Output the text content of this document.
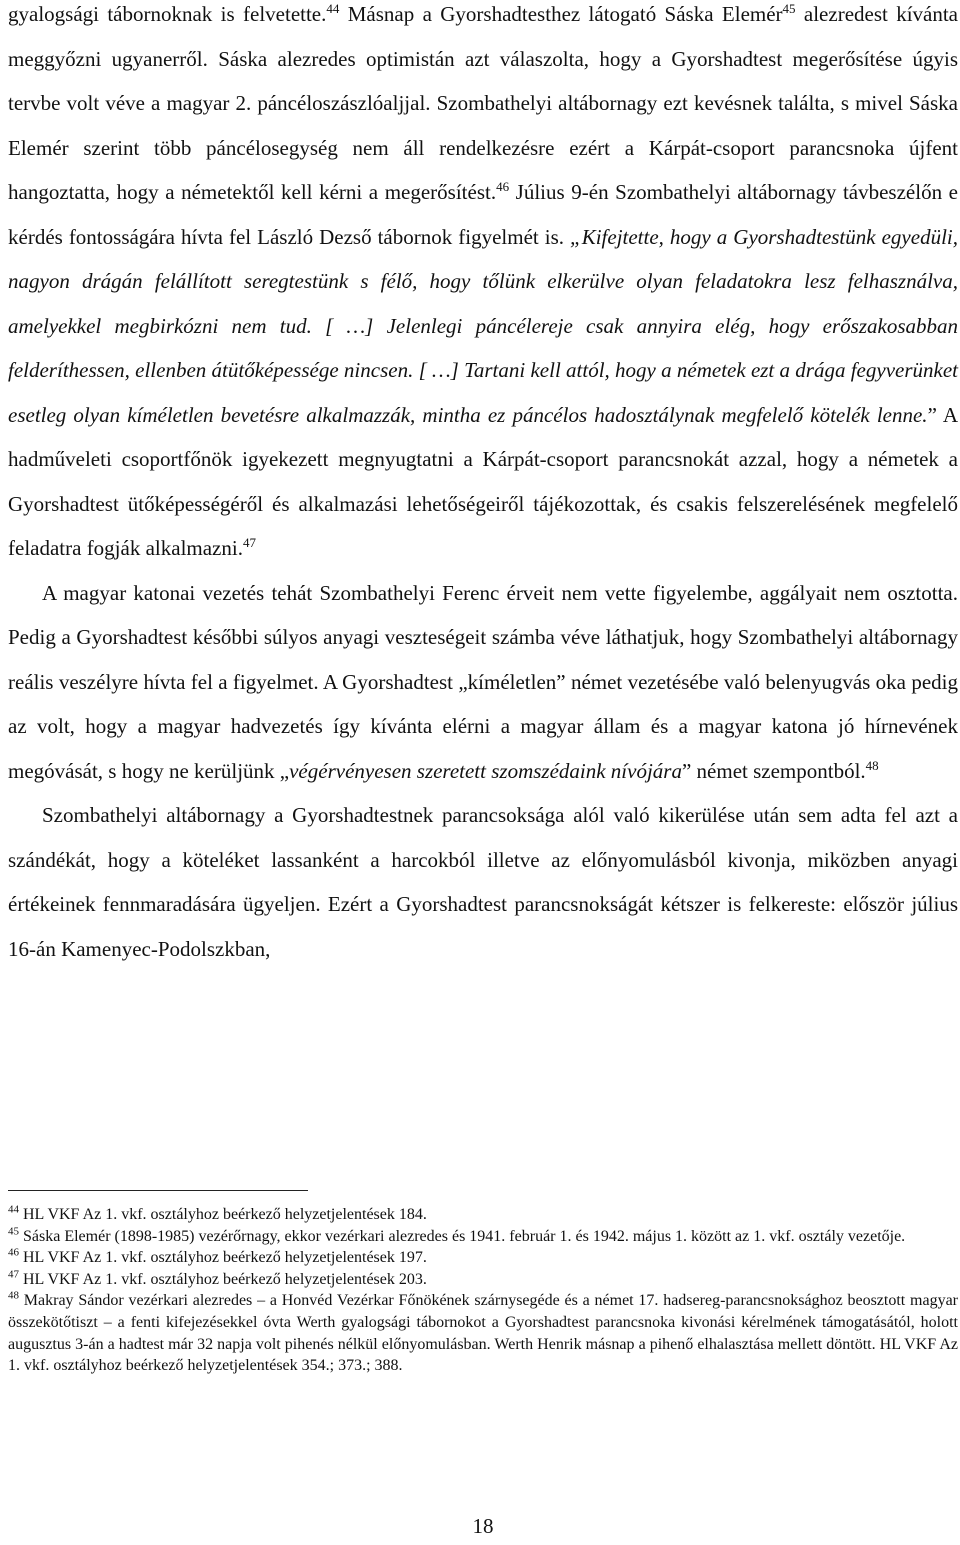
gyalogsági tábornoknak is felvetette.$^{44}$ Másnap a Gyorshadtesthez látogató Sáska Elemér$^{45}$ alezredest kívánta meggyőzni ugyanerről. Sáska alezredes optimistán azt válaszolta, hogy a Gyorshadtest megerősítése úgyis tervbe volt véve a magyar 2. páncéloszászlóaljjal. Szombathelyi altábornagy ezt kevésnek találta, s mivel Sáska Elemér szerint több páncélosegység nem áll rendelkezésre ezért a Kárpát-csoport parancsnoka újfent hangoztatta, hogy a németektől kell kérni a megerősítést.$^{46}$ Július 9-én Szombathelyi altábornagy távbeszélőn e kérdés fontosságára hívta fel László Dezső tábornok figyelmét is. „Kifejtette, hogy a Gyorshadtestünk egyedüli, nagyon drágán felállított seregtestünk s félő, hogy tőlünk elkerülve olyan feladatokra lesz felhasználva, amelyekkel megbirkózni nem tud. [ …] Jelenlegi páncélereje csak annyira elég, hogy erőszakosabban felderíthessen, ellenben átütőképessége nincsen. [ …] Tartani kell attól, hogy a németek ezt a drága fegyverünket esetleg olyan kíméletlen bevetésre alkalmazzák, mintha ez páncélos hadosztálynak megfelelő kötelék lenne.” A hadműveleti csoportfőnök igyekezett megnyugtatni a Kárpát-csoport parancsnokát azzal, hogy a németek a Gyorshadtest ütőképességéről és alkalmazási lehetőségeiről tájékozottak, és csakis felszerelésének megfelelő feladatra fogják alkalmazni.$^{47}$

A magyar katonai vezetés tehát Szombathelyi Ferenc érveit nem vette figyelembe, aggályait nem osztotta. Pedig a Gyorshadtest későbbi súlyos anyagi veszteségeit számba véve láthatjuk, hogy Szombathelyi altábornagy reális veszélyre hívta fel a figyelmet. A Gyorshadtest „kíméletlen” német vezetésébe való belenyugvás oka pedig az volt, hogy a magyar hadvezetés így kívánta elérni a magyar állam és a magyar katona jó hírnevének megóvását, s hogy ne kerüljünk „végérvényesen szeretett szomszédaink nívójára” német szempontból.$^{48}$

Szombathelyi altábornagy a Gyorshadtestnek parancsoksága alól való kikerülése után sem adta fel azt a szándékát, hogy a köteléket lassanként a harcokból illetve az előnyomulásból kivonja, miközben anyagi értékeinek fennmaradására ügyeljen. Ezért a Gyorshadtest parancsnokságát kétszer is felkereste: először július 16-án Kamenyec-Podolszkban,

$^{44}$ HL VKF Az 1. vkf. osztályhoz beérkező helyzetjelentések 184.

$^{45}$ Sáska Elemér (1898-1985) vezérőrnagy, ekkor vezérkari alezredes és 1941. február 1. és 1942. május 1. között az 1. vkf. osztály vezetője.

$^{46}$ HL VKF Az 1. vkf. osztályhoz beérkező helyzetjelentések 197.

$^{47}$ HL VKF Az 1. vkf. osztályhoz beérkező helyzetjelentések 203.

$^{48}$ Makray Sándor vezérkari alezredes – a Honvéd Vezérkar Főnökének szárnysegéde és a német 17. hadsereg-parancsnoksághoz beosztott magyar összekötőtiszt – a fenti kifejezésekkel óvta Werth gyalogsági tábornokot a Gyorshadtest parancsnoka kivonási kérelmének támogatásától, holott augusztus 3-án a hadtest már 32 napja volt pihenés nélkül előnyomulásban. Werth Henrik másnap a pihenő elhalasztása mellett döntött. HL VKF Az 1. vkf. osztályhoz beérkező helyzetjelentések 354.; 373.; 388.

18
